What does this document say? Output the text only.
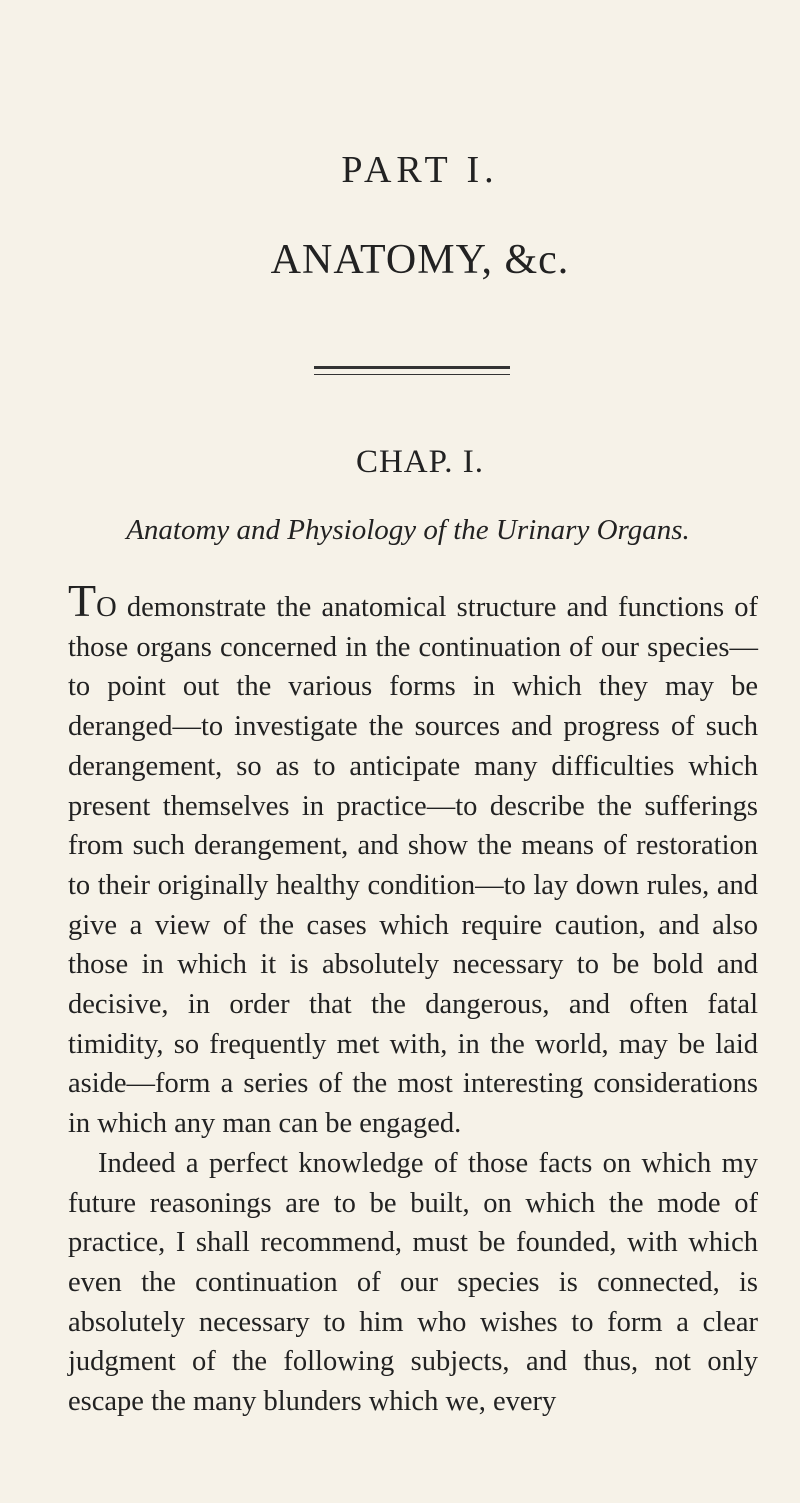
PART I.
ANATOMY, &c.
CHAP. I.
Anatomy and Physiology of the Urinary Organs.

TO demonstrate the anatomical structure and functions of those organs concerned in the continuation of our species—to point out the various forms in which they may be deranged—to investigate the sources and progress of such derangement, so as to anticipate many difficulties which present themselves in practice—to describe the sufferings from such derangement, and show the means of restoration to their originally healthy condition—to lay down rules, and give a view of the cases which require caution, and also those in which it is absolutely necessary to be bold and decisive, in order that the dangerous, and often fatal timidity, so frequently met with, in the world, may be laid aside—form a series of the most interesting considerations in which any man can be engaged.

Indeed a perfect knowledge of those facts on which my future reasonings are to be built, on which the mode of practice, I shall recommend, must be founded, with which even the continuation of our species is connected, is absolutely necessary to him who wishes to form a clear judgment of the following subjects, and thus, not only escape the many blunders which we, every
